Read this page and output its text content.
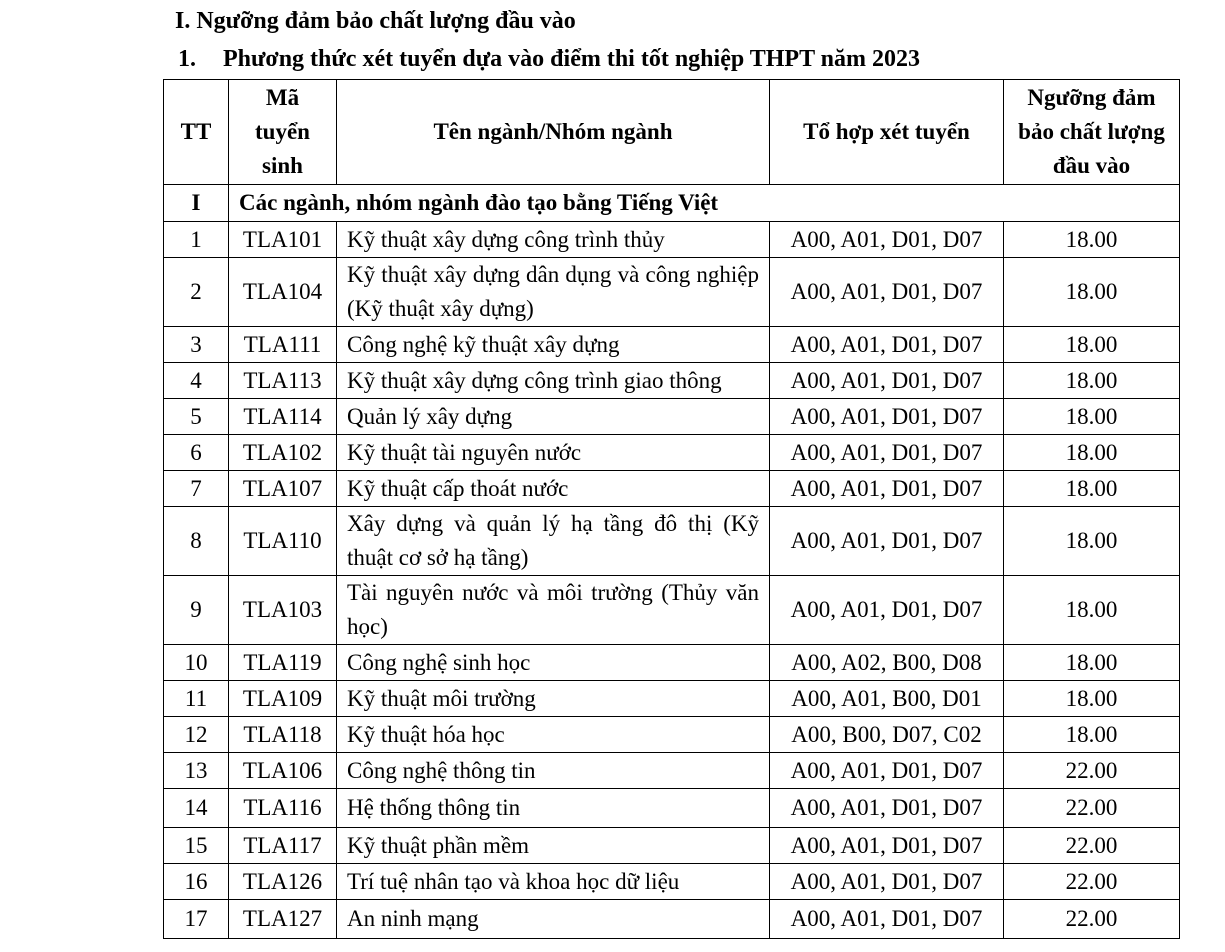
I. Ngưỡng đảm bảo chất lượng đầu vào
1. Phương thức xét tuyển dựa vào điểm thi tốt nghiệp THPT năm 2023
TT	Mã tuyển sinh	Tên ngành/Nhóm ngành	Tổ hợp xét tuyển	Ngưỡng đảm bảo chất lượng đầu vào
I	Các ngành, nhóm ngành đào tạo bằng Tiếng Việt			
1	TLA101	Kỹ thuật xây dựng công trình thủy	A00, A01, D01, D07	18.00
2	TLA104	Kỹ thuật xây dựng dân dụng và công nghiệp (Kỹ thuật xây dựng)	A00, A01, D01, D07	18.00
3	TLA111	Công nghệ kỹ thuật xây dựng	A00, A01, D01, D07	18.00
4	TLA113	Kỹ thuật xây dựng công trình giao thông	A00, A01, D01, D07	18.00
5	TLA114	Quản lý xây dựng	A00, A01, D01, D07	18.00
6	TLA102	Kỹ thuật tài nguyên nước	A00, A01, D01, D07	18.00
7	TLA107	Kỹ thuật cấp thoát nước	A00, A01, D01, D07	18.00
8	TLA110	Xây dựng và quản lý hạ tầng đô thị (Kỹ thuật cơ sở hạ tầng)	A00, A01, D01, D07	18.00
9	TLA103	Tài nguyên nước và môi trường (Thủy văn học)	A00, A01, D01, D07	18.00
10	TLA119	Công nghệ sinh học	A00, A02, B00, D08	18.00
11	TLA109	Kỹ thuật môi trường	A00, A01, B00, D01	18.00
12	TLA118	Kỹ thuật hóa học	A00, B00, D07, C02	18.00
13	TLA106	Công nghệ thông tin	A00, A01, D01, D07	22.00
14	TLA116	Hệ thống thông tin	A00, A01, D01, D07	22.00
15	TLA117	Kỹ thuật phần mềm	A00, A01, D01, D07	22.00
16	TLA126	Trí tuệ nhân tạo và khoa học dữ liệu	A00, A01, D01, D07	22.00
17	TLA127	An ninh mạng	A00, A01, D01, D07	22.00
